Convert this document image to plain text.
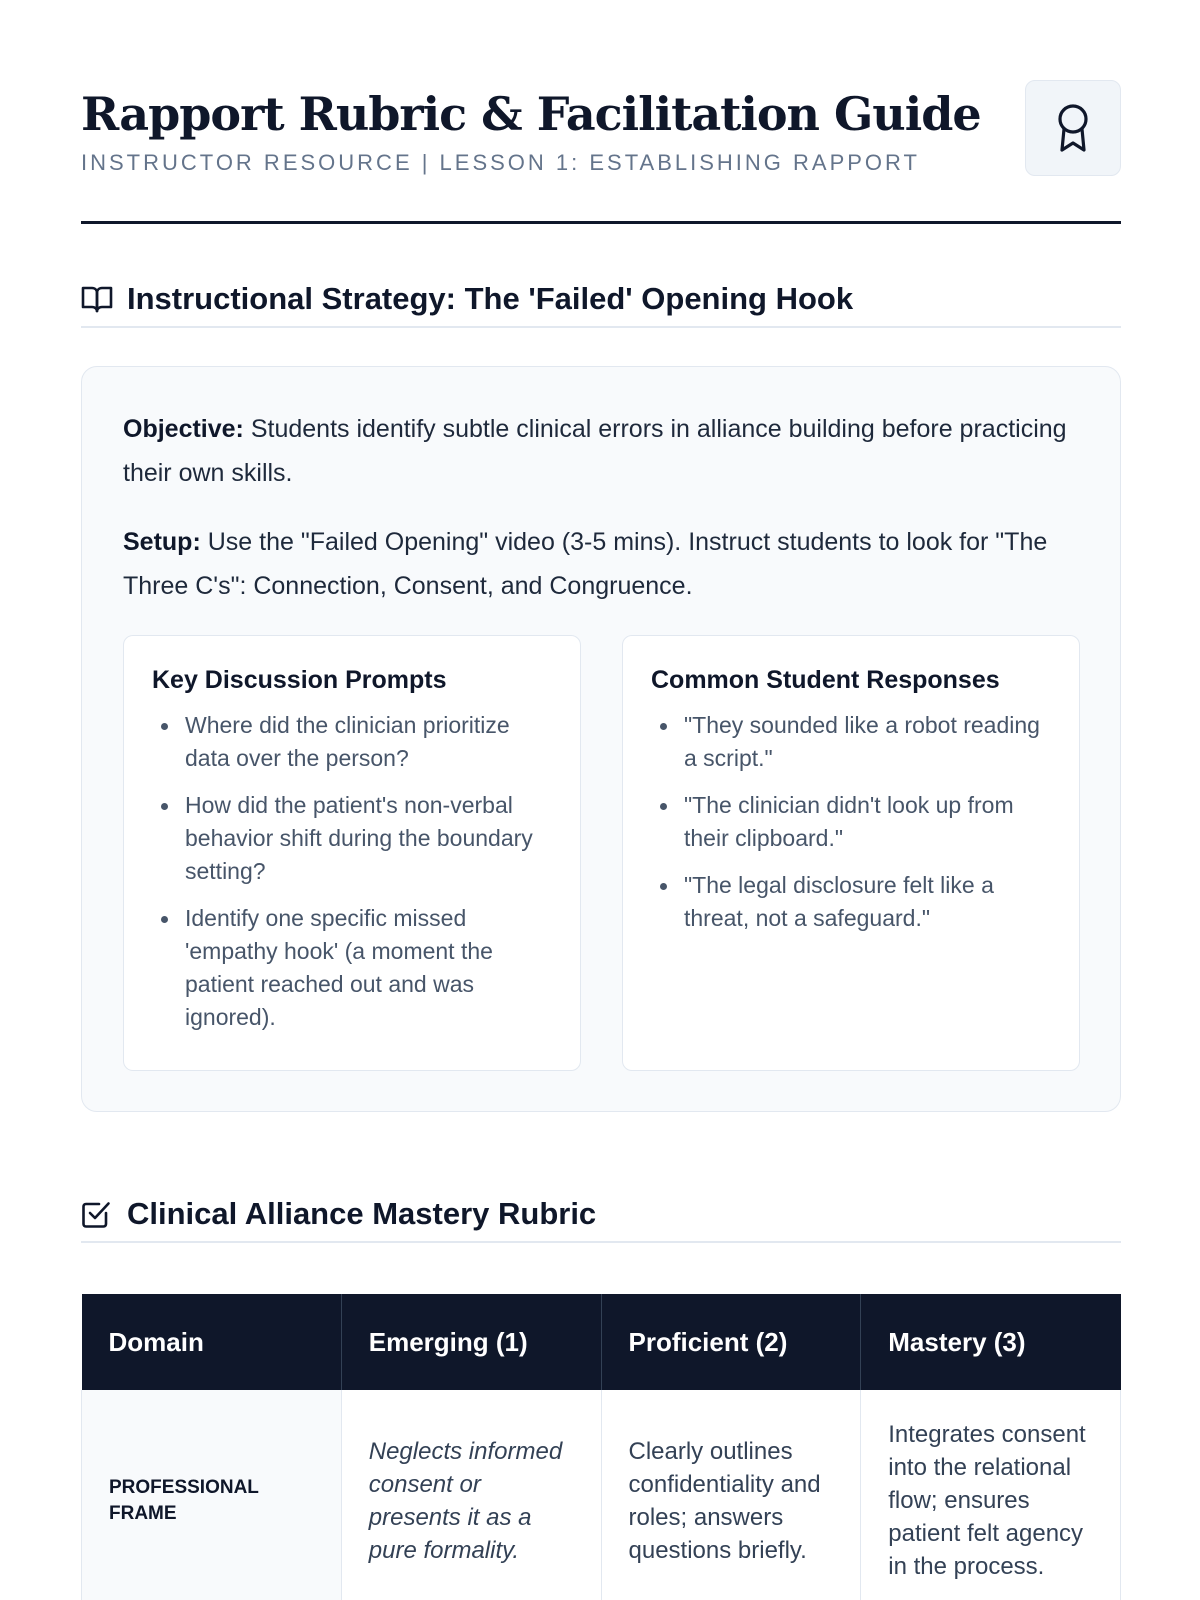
Rapport Rubric & Facilitation Guide
INSTRUCTOR RESOURCE | LESSON 1: ESTABLISHING RAPPORT
Instructional Strategy: The 'Failed' Opening Hook

Objective: Students identify subtle clinical errors in alliance building before practicing their own skills.

Setup: Use the "Failed Opening" video (3-5 mins). Instruct students to look for "The Three C's": Connection, Consent, and Congruence.

Key Discussion Prompts
Where did the clinician prioritize data over the person?
How did the patient's non-verbal behavior shift during the boundary setting?
Identify one specific missed 'empathy hook' (a moment the patient reached out and was ignored).
Common Student Responses
"They sounded like a robot reading a script."
"The clinician didn't look up from their clipboard."
"The legal disclosure felt like a threat, not a safeguard."
Clinical Alliance Mastery Rubric
Domain	Emerging (1)	Proficient (2)	Mastery (3)
PROFESSIONAL FRAME	Neglects informed consent or presents it as a pure formality.	Clearly outlines confidentiality and roles; answers questions briefly.	Integrates consent into the relational flow; ensures patient felt agency in the process.
